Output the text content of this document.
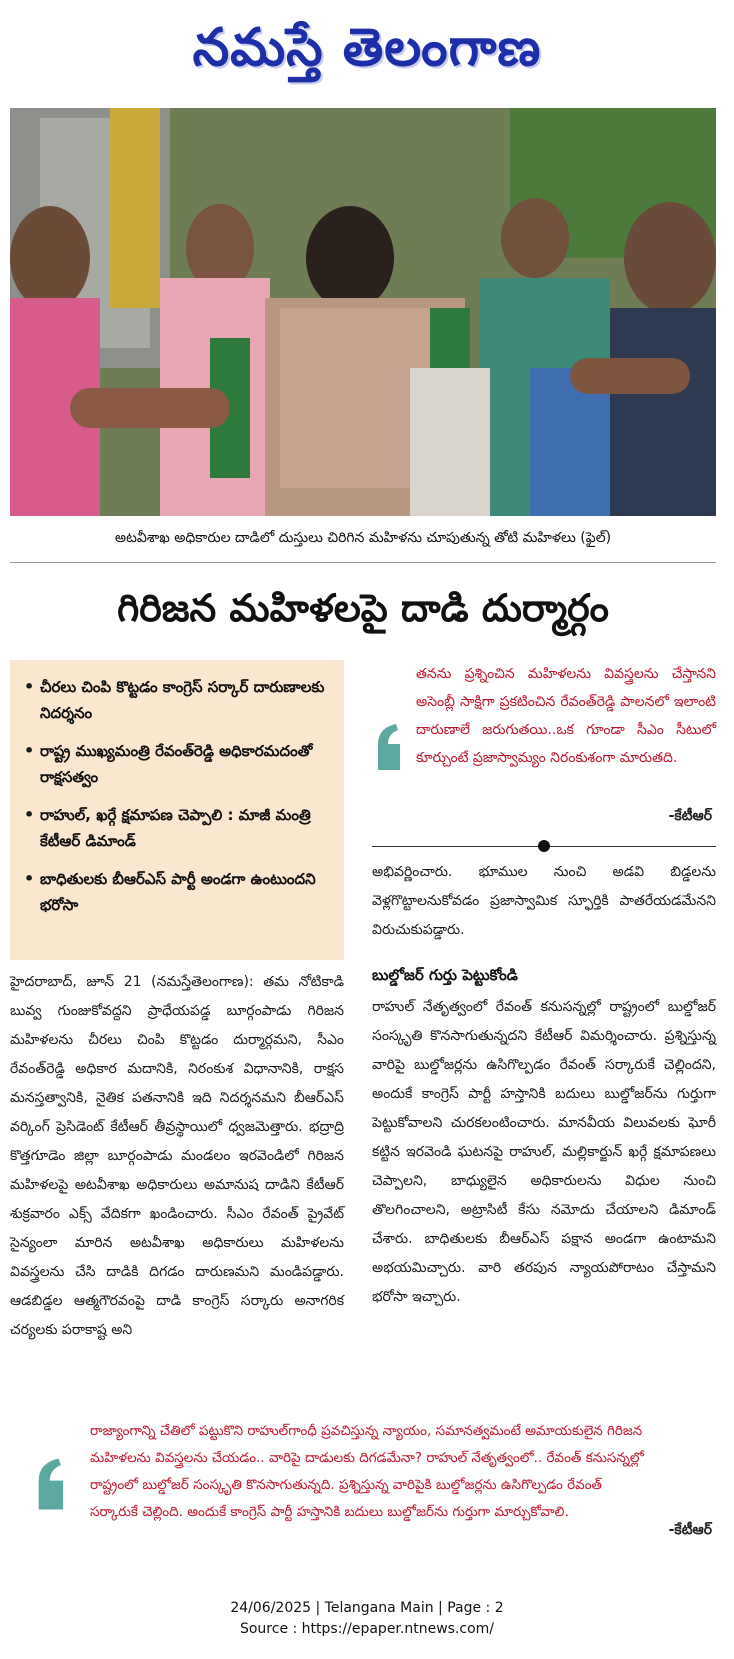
నమస్తే తెలంగాణ
అటవీశాఖ అధికారుల దాడిలో దుస్తులు చిరిగిన మహిళను చూపుతున్న తోటి మహిళలు (ఫైల్)
గిరిజన మహిళలపై దాడి దుర్మార్గం
• చీరలు చింపి కొట్టడం కాంగ్రెస్ సర్కార్ దారుణాలకు నిదర్శనం
• రాష్ట్ర ముఖ్యమంత్రి రేవంత్‌రెడ్డి అధికారమదంతో రాక్షసత్వం
• రాహుల్, ఖర్గే క్షమాపణ చెప్పాలి : మాజీ మంత్రి కేటీఆర్ డిమాండ్
• బాధితులకు బీఆర్‌ఎస్ పార్టీ అండగా ఉంటుందని భరోసా

తనను ప్రశ్నించిన మహిళలను వివస్త్రలను చేస్తానని అసెంబ్లీ సాక్షిగా ప్రకటించిన రేవంత్‌రెడ్డి పాలనలో ఇలాంటి దారుణాలే జరుగుతయి..ఒక గూండా సీఎం సీటులో కూర్చుంటే ప్రజాస్వామ్యం నిరంకుశంగా మారుతది.

-కేటీఆర్

హైదరాబాద్, జూన్ 21 (నమస్తేతెలంగాణ): తమ నోటికాడి బువ్వ గుంజుకోవద్దని ప్రాధేయపడ్డ బూర్గంపాడు గిరిజన మహిళలను చీరలు చింపి కొట్టడం దుర్మార్గమని, సీఎం రేవంత్‌రెడ్డి అధికార మదానికి, నిరంకుశ విధానానికి, రాక్షస మనస్తత్వానికి, నైతిక పతనానికి ఇది నిదర్శనమని బీఆర్‌ఎస్ వర్కింగ్ ప్రెసిడెంట్ కేటీఆర్ తీవ్రస్థాయిలో ధ్వజమెత్తారు. భద్రాద్రి కొత్తగూడెం జిల్లా బూర్గంపాడు మండలం ఇరవెండిలో గిరిజన మహిళలపై అటవీశాఖ అధికారులు అమానుష దాడిని కేటీఆర్ శుక్రవారం ఎక్స్ వేదికగా ఖండించారు. సీఎం రేవంత్ ప్రైవేట్ సైన్యంలా మారిన అటవీశాఖ అధికారులు మహిళలను వివస్త్రలను చేసి దాడికి దిగడం దారుణమని మండిపడ్డారు. ఆడబిడ్డల ఆత్మగౌరవంపై దాడి కాంగ్రెస్ సర్కారు అనాగరిక చర్యలకు పరాకాష్ట అని

అభివర్ణించారు. భూముల నుంచి అడవి బిడ్డలను వెళ్లగొట్టాలనుకోవడం ప్రజాస్వామిక స్ఫూర్తికి పాతరేయడమేనని విరుచుకుపడ్డారు.

బుల్డోజర్ గుర్తు పెట్టుకోండి

రాహుల్ నేతృత్వంలో రేవంత్ కనుసన్నల్లో రాష్ట్రంలో బుల్డోజర్ సంస్కృతి కొనసాగుతున్నదని కేటీఆర్ విమర్శించారు. ప్రశ్నిస్తున్న వారిపై బుల్డోజర్లను ఉసిగొల్పడం రేవంత్ సర్కారుకే చెల్లిందని, అందుకే కాంగ్రెస్ పార్టీ హస్తానికి బదులు బుల్డోజర్‌ను గుర్తుగా పెట్టుకోవాలని చురకలంటించారు. మానవీయ విలువలకు ఘోరీ కట్టిన ఇరవెండి ఘటనపై రాహుల్, మల్లికార్జున్ ఖర్గే క్షమాపణలు చెప్పాలని, బాధ్యులైన అధికారులను విధుల నుంచి తొలగించాలని, అట్రాసిటీ కేసు నమోదు చేయాలని డిమాండ్ చేశారు. బాధితులకు బీఆర్‌ఎస్ పక్షాన అండగా ఉంటామని అభయమిచ్చారు. వారి తరపున న్యాయపోరాటం చేస్తామని భరోసా ఇచ్చారు.

రాజ్యాంగాన్ని చేతిలో పట్టుకొని రాహుల్‌గాంధీ ప్రవచిస్తున్న న్యాయం, సమానత్వమంటే అమాయకులైన గిరిజన మహిళలను వివస్త్రలను చేయడం.. వారిపై దాడులకు దిగడమేనా? రాహుల్ నేతృత్వంలో.. రేవంత్ కనుసన్నల్లో రాష్ట్రంలో బుల్డోజర్ సంస్కృతి కొనసాగుతున్నది. ప్రశ్నిస్తున్న వారిపైకి బుల్డోజర్లను ఉసిగొల్పడం రేవంత్ సర్కారుకే చెల్లింది. అందుకే కాంగ్రెస్ పార్టీ హస్తానికి బదులు బుల్డోజర్‌ను గుర్తుగా మార్చుకోవాలి.

-కేటీఆర్
24/06/2025 | Telangana Main | Page : 2
Source : https://epaper.ntnews.com/
